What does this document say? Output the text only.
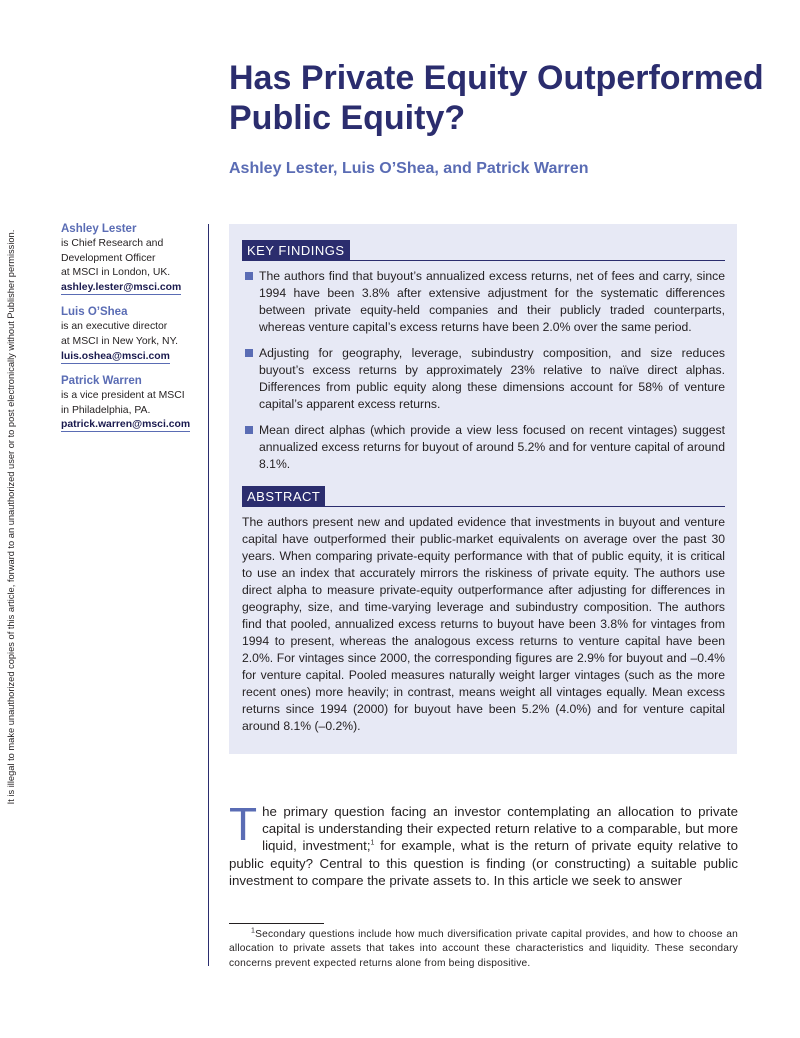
It is illegal to make unauthorized copies of this article, forward to an unauthorized user or to post electronically without Publisher permission.
Has Private Equity Outperformed Public Equity?
Ashley Lester, Luis O’Shea, and Patrick Warren
Ashley Lester
is Chief Research and
Development Officer
at MSCI in London, UK.
ashley.lester@msci.com
Luis O’Shea
is an executive director
at MSCI in New York, NY.
luis.oshea@msci.com
Patrick Warren
is a vice president at MSCI
in Philadelphia, PA.
patrick.warren@msci.com
KEY FINDINGS
The authors find that buyout’s annualized excess returns, net of fees and carry, since 1994 have been 3.8% after extensive adjustment for the systematic differences between private equity-held companies and their publicly traded counterparts, whereas venture capital’s excess returns have been 2.0% over the same period.
Adjusting for geography, leverage, subindustry composition, and size reduces buyout’s excess returns by approximately 23% relative to naïve direct alphas. Differences from public equity along these dimensions account for 58% of venture capital’s apparent excess returns.
Mean direct alphas (which provide a view less focused on recent vintages) suggest annualized excess returns for buyout of around 5.2% and for venture capital of around 8.1%.
ABSTRACT

The authors present new and updated evidence that investments in buyout and venture capital have outperformed their public-market equivalents on average over the past 30 years. When comparing private-equity performance with that of public equity, it is critical to use an index that accurately mirrors the riskiness of private equity. The authors use direct alpha to measure private-equity outperformance after adjusting for differences in geography, size, and time-varying leverage and subindustry composition. The authors find that pooled, annualized excess returns to buyout have been 3.8% for vintages from 1994 to present, whereas the analogous excess returns to venture capital have been 2.0%. For vintages since 2000, the corresponding figures are 2.9% for buyout and –0.4% for venture capital. Pooled measures naturally weight larger vintages (such as the more recent ones) more heavily; in contrast, means weight all vintages equally. Mean excess returns since 1994 (2000) for buyout have been 5.2% (4.0%) and for venture capital around 8.1% (–0.2%).

The primary question facing an investor contemplating an allocation to private capital is understanding their expected return relative to a comparable, but more liquid, investment;$^1$ for example, what is the return of private equity relative to public equity? Central to this question is finding (or constructing) a suitable public investment to compare the private assets to. In this article we seek to answer

$^1$Secondary questions include how much diversification private capital provides, and how to choose an allocation to private assets that takes into account these characteristics and liquidity. These secondary concerns prevent expected returns alone from being dispositive.
